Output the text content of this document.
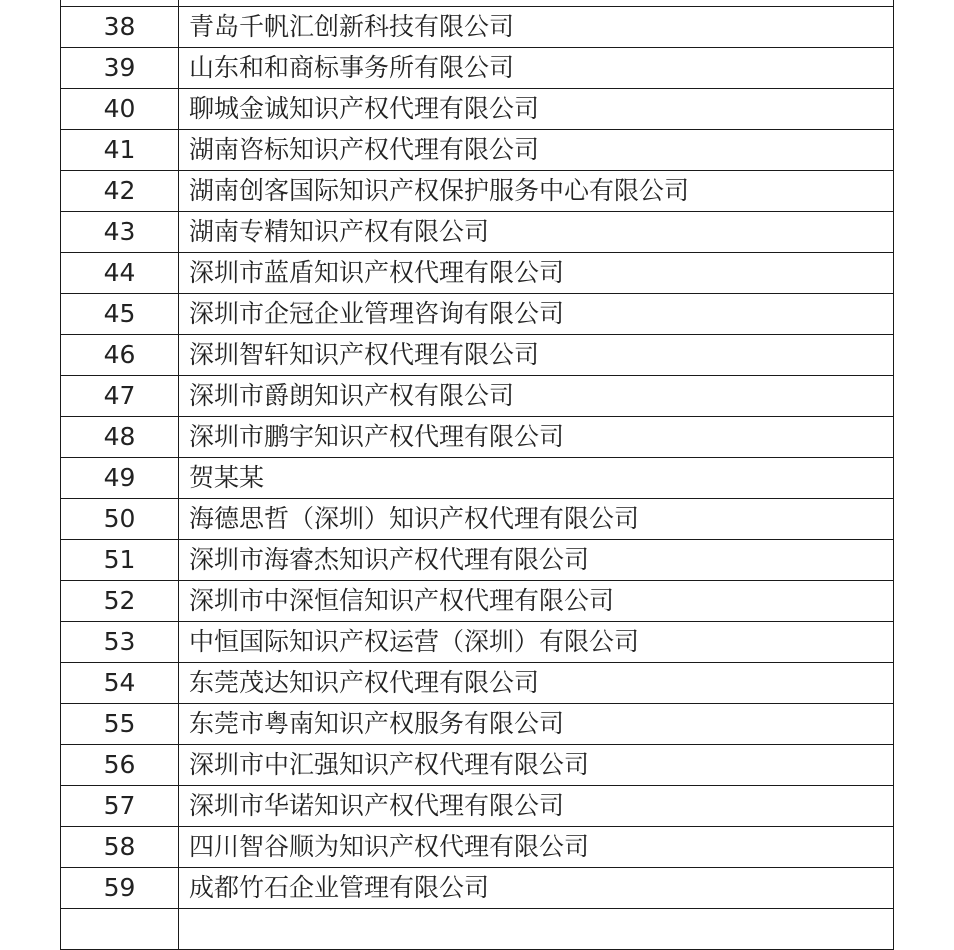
38	青岛千帆汇创新科技有限公司
39	山东和和商标事务所有限公司
40	聊城金诚知识产权代理有限公司
41	湖南咨标知识产权代理有限公司
42	湖南创客国际知识产权保护服务中心有限公司
43	湖南专精知识产权有限公司
44	深圳市蓝盾知识产权代理有限公司
45	深圳市企冠企业管理咨询有限公司
46	深圳智轩知识产权代理有限公司
47	深圳市爵朗知识产权有限公司
48	深圳市鹏宇知识产权代理有限公司
49	贺某某
50	海德思哲（深圳）知识产权代理有限公司
51	深圳市海睿杰知识产权代理有限公司
52	深圳市中深恒信知识产权代理有限公司
53	中恒国际知识产权运营（深圳）有限公司
54	东莞茂达知识产权代理有限公司
55	东莞市粤南知识产权服务有限公司
56	深圳市中汇强知识产权代理有限公司
57	深圳市华诺知识产权代理有限公司
58	四川智谷顺为知识产权代理有限公司
59	成都竹石企业管理有限公司
